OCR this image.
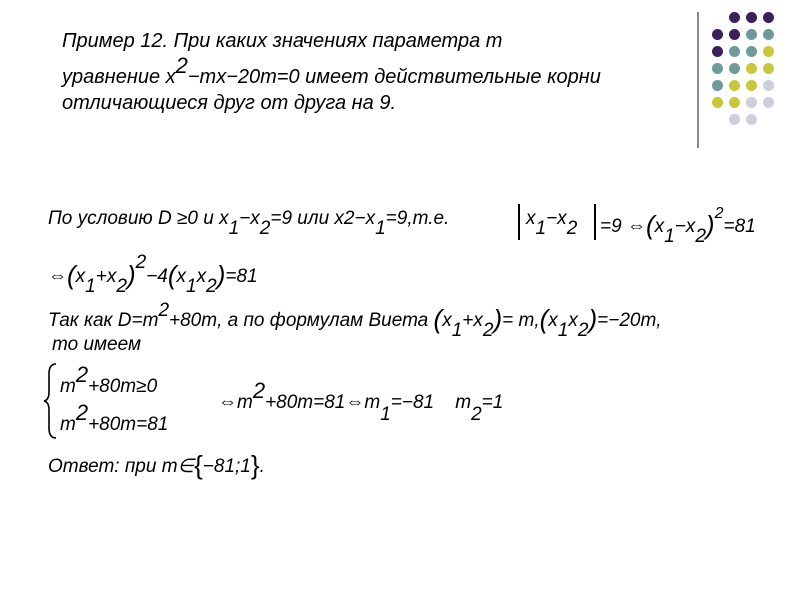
Пример 12. При каких значениях параметра m
уравнение x2−mx−20m=0 имеет действительные корни
отличающиеся друг от друга на 9.
По условию D ≥0 и x1−x2=9 или x2−x1=9,т.е.	x1−x2 =9 $\Leftrightarrow(x1-x2)^2=81$
⇔(x1+x2)2−4(x1x2)=81
Так как D=m2+80m, а по формулам Виета (x1+x2)= m,(x1x2)=−20m,
то имеем
m2+80m≥0
m2+80m=81
⇔m2+80m=81⇔m1=−81 m2=1
Ответ: при m∈{−81;1}.
